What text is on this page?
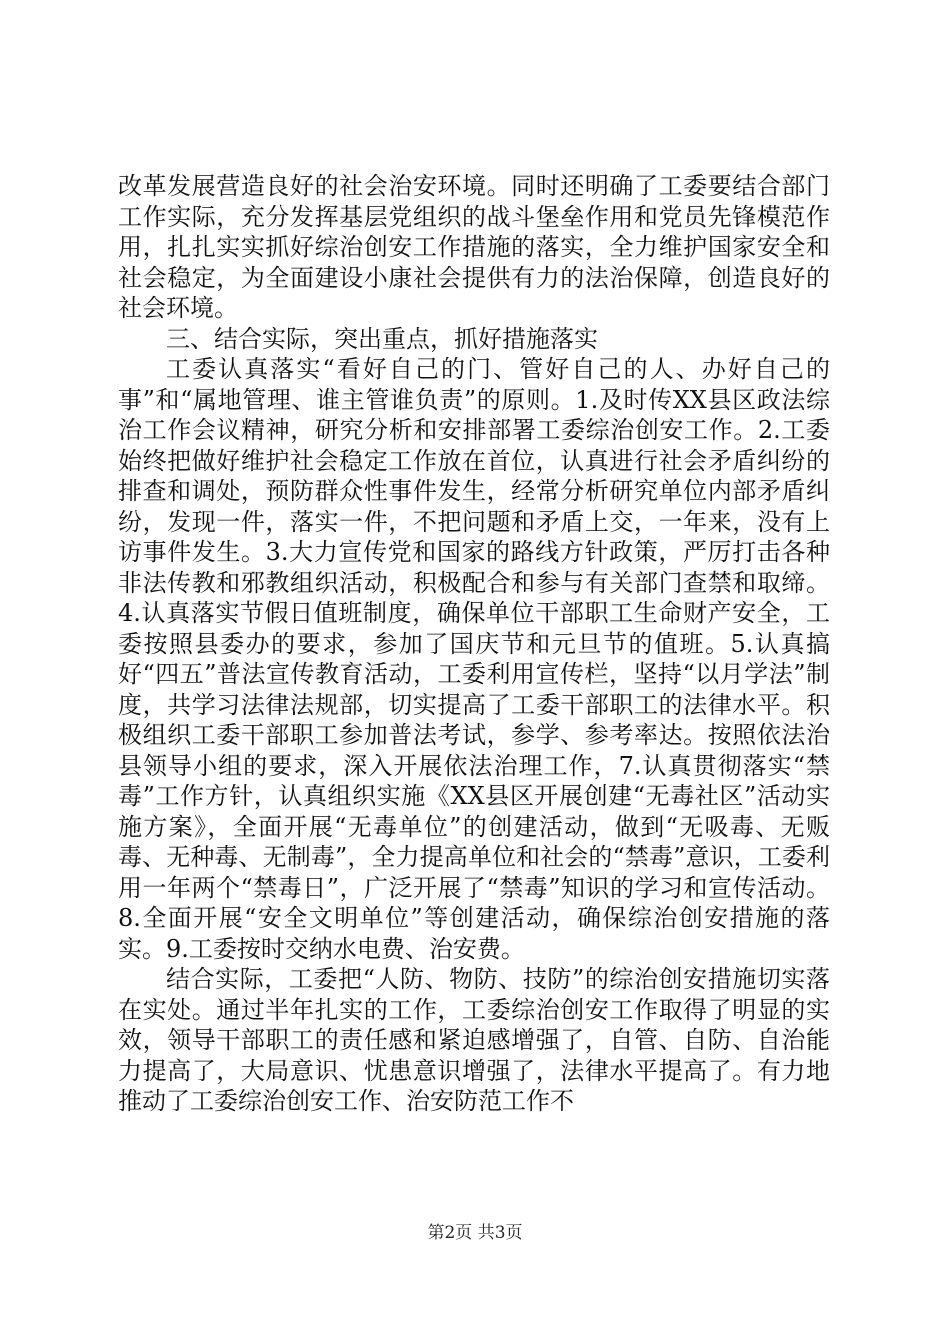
改革发展营造良好的社会治安环境。同时还明确了工委要结合部门工作实际，充分发挥基层党组织的战斗堡垒作用和党员先锋模范作用，扎扎实实抓好综治创安工作措施的落实，全力维护国家安全和社会稳定，为全面建设小康社会提供有力的法治保障，创造良好的社会环境。

三、结合实际，突出重点，抓好措施落实

工委认真落实“看好自己的门、管好自己的人、办好自己的事”和“属地管理、谁主管谁负责”的原则。1.及时传XX县区政法综治工作会议精神，研究分析和安排部署工委综治创安工作。2.工委始终把做好维护社会稳定工作放在首位，认真进行社会矛盾纠纷的排查和调处，预防群众性事件发生，经常分析研究单位内部矛盾纠纷，发现一件，落实一件，不把问题和矛盾上交，一年来，没有上访事件发生。3.大力宣传党和国家的路线方针政策，严厉打击各种非法传教和邪教组织活动，积极配合和参与有关部门查禁和取缔。4.认真落实节假日值班制度，确保单位干部职工生命财产安全，工委按照县委办的要求，参加了国庆节和元旦节的值班。5.认真搞好“四五”普法宣传教育活动，工委利用宣传栏，坚持“以月学法”制度，共学习法律法规部，切实提高了工委干部职工的法律水平。积极组织工委干部职工参加普法考试，参学、参考率达。按照依法治县领导小组的要求，深入开展依法治理工作，7.认真贯彻落实“禁毒”工作方针，认真组织实施《XX县区开展创建“无毒社区”活动实施方案》，全面开展“无毒单位”的创建活动，做到“无吸毒、无贩毒、无种毒、无制毒”，全力提高单位和社会的“禁毒”意识，工委利用一年两个“禁毒日”，广泛开展了“禁毒”知识的学习和宣传活动。8.全面开展“安全文明单位”等创建活动，确保综治创安措施的落实。9.工委按时交纳水电费、治安费。

结合实际，工委把“人防、物防、技防”的综治创安措施切实落在实处。通过半年扎实的工作，工委综治创安工作取得了明显的实效，领导干部职工的责任感和紧迫感增强了，自管、自防、自治能力提高了，大局意识、忧患意识增强了，法律水平提高了。有力地推动了工委综治创安工作、治安防范工作不

第2页 共3页
